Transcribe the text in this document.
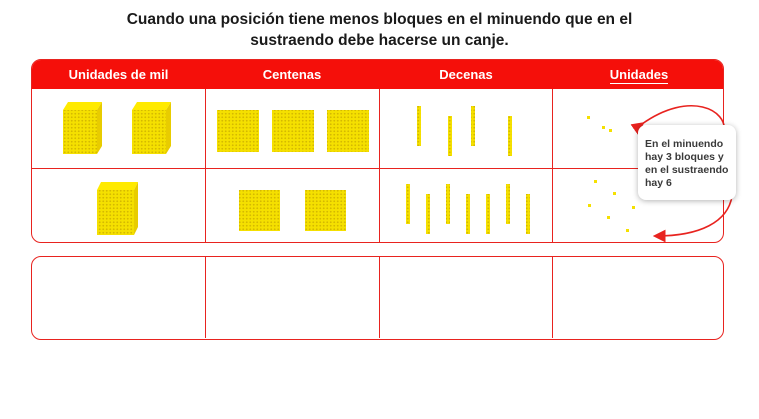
Cuando una posición tiene menos bloques en el minuendo que en el
sustraendo debe hacerse un canje.
Unidades de mil	Centenas	Decenas	Unidades
En el minuendo
hay 3 bloques y
en el sustraendo
hay 6
